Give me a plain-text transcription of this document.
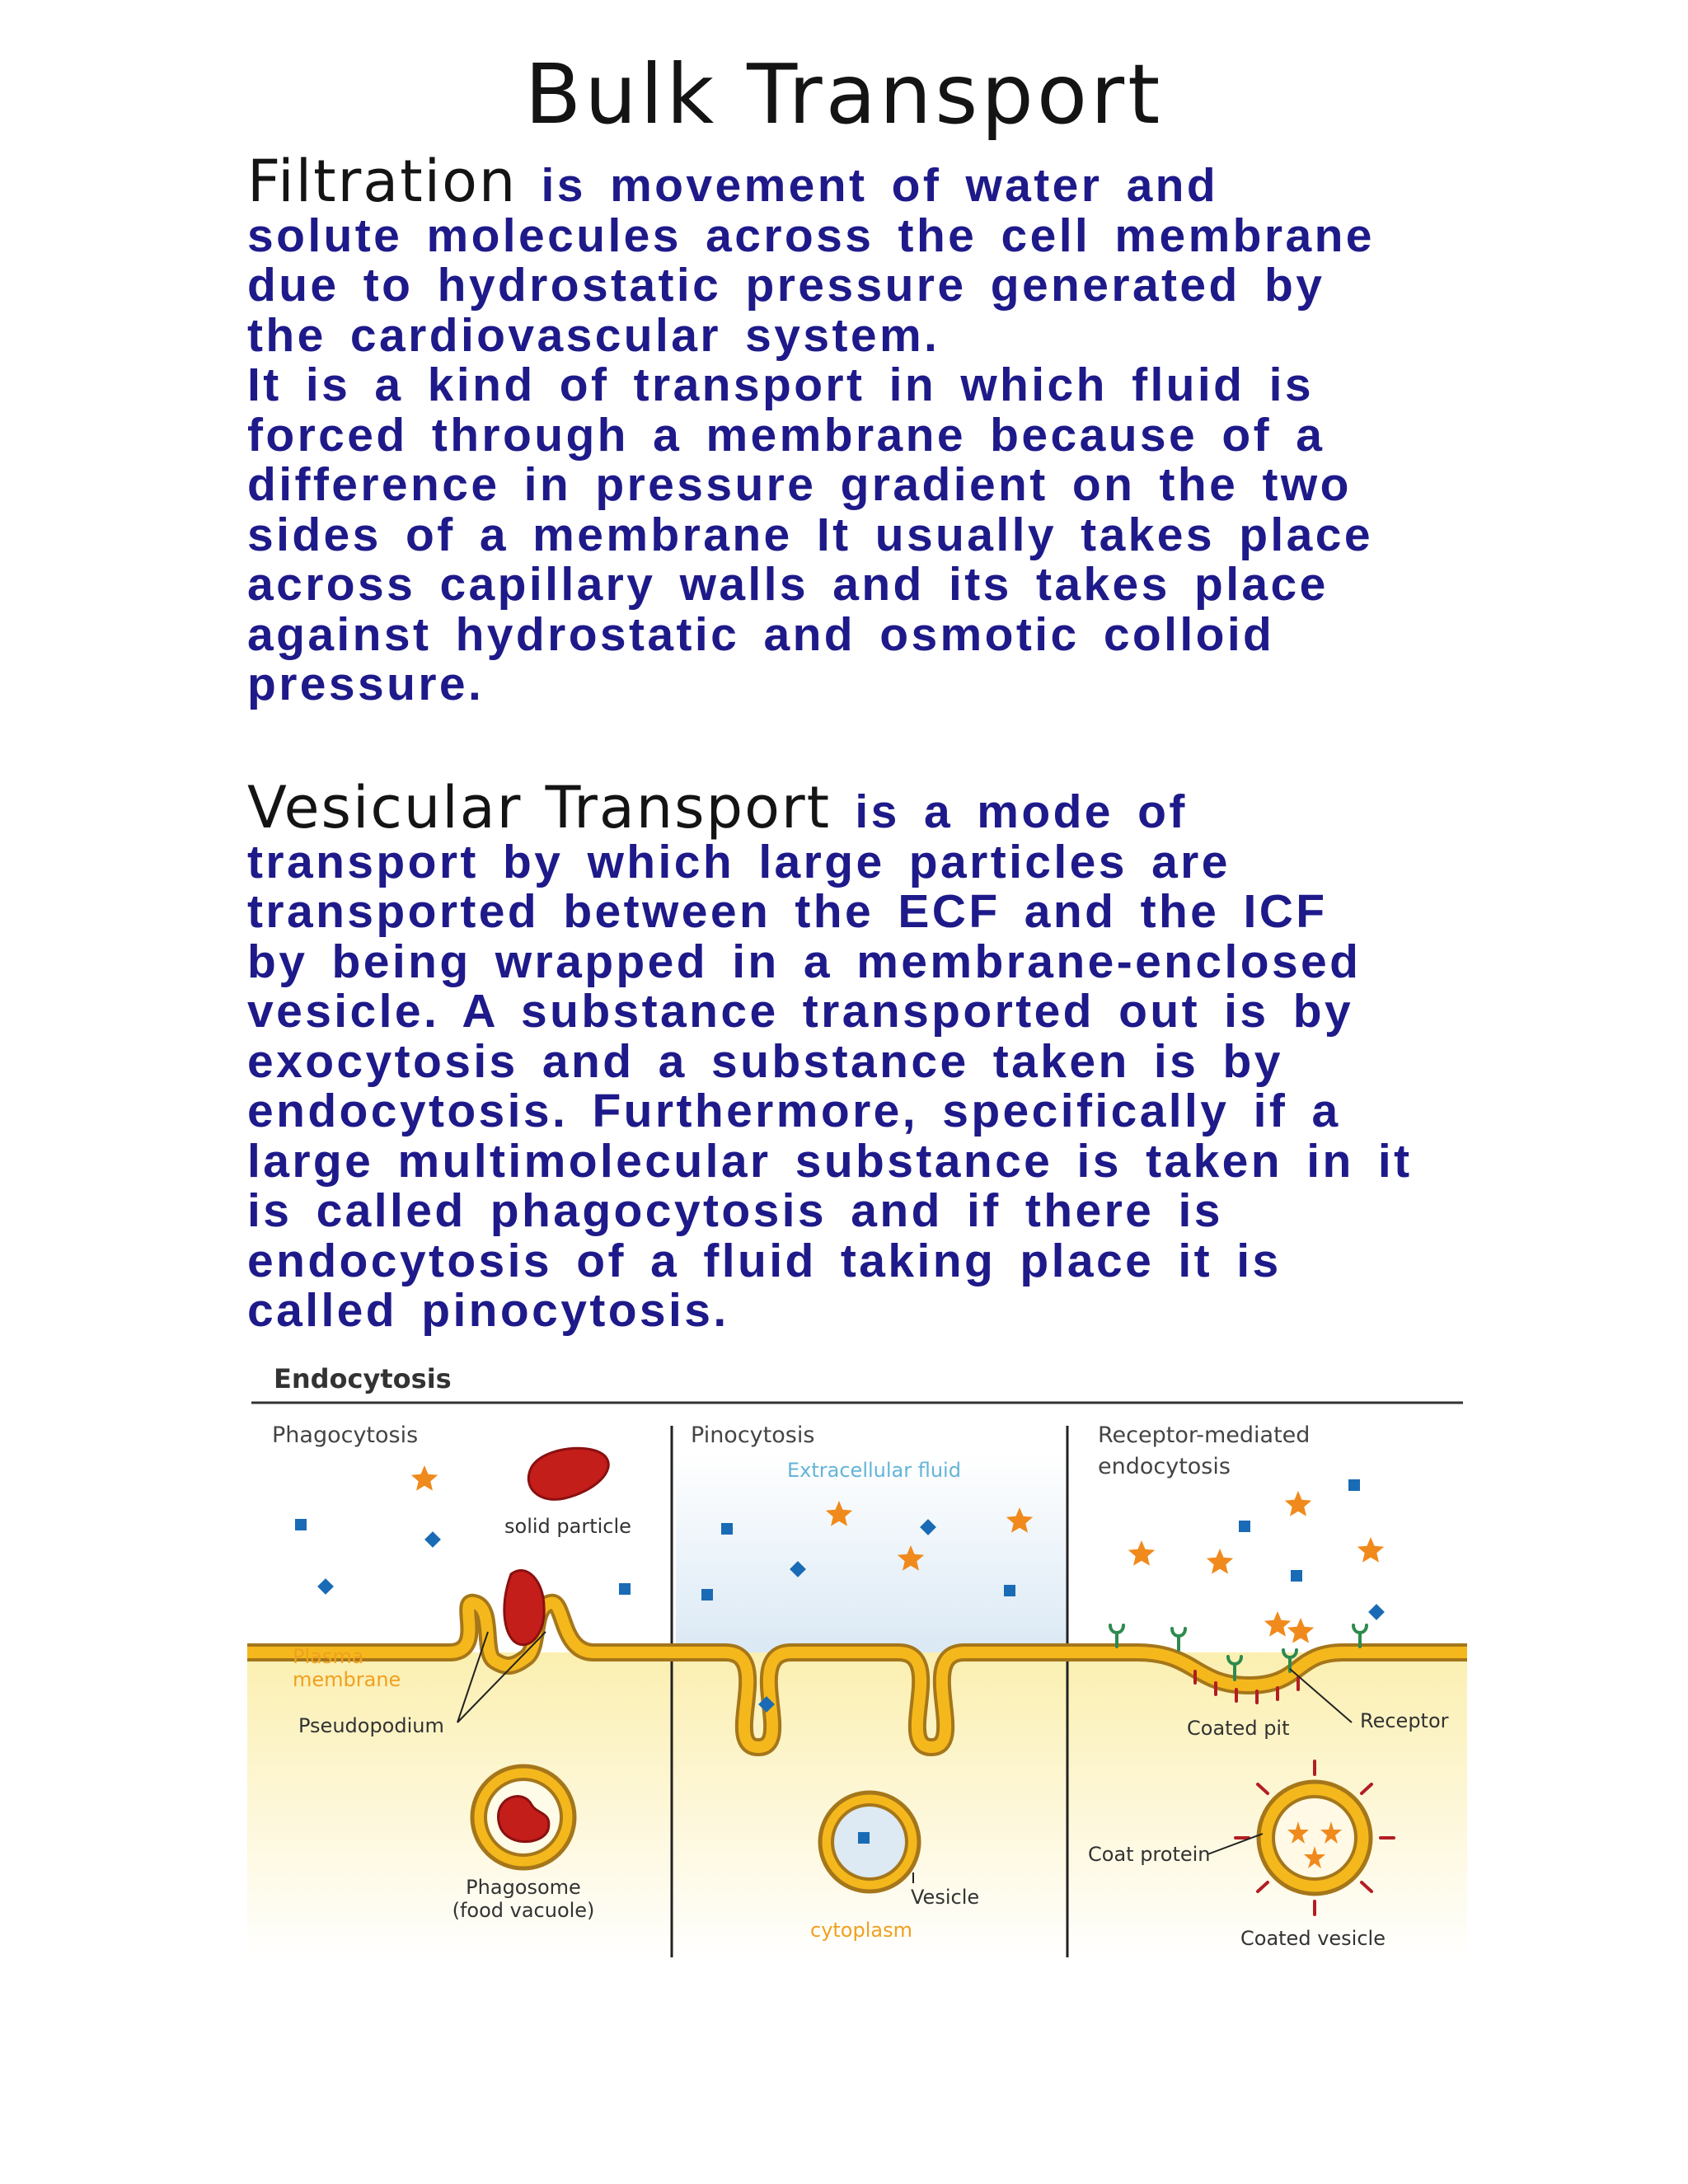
Bulk Transport

Filtration is movement of water and
solute molecules across the cell membrane
due to hydrostatic pressure generated by
the cardiovascular system.
It is a kind of transport in which fluid is
forced through a membrane because of a
difference in pressure gradient on the two
sides of a membrane It usually takes place
across capillary walls and its takes place
against hydrostatic and osmotic colloid
pressure.

Vesicular Transport is a mode of
transport by which large particles are
transported between the ECF and the ICF
by being wrapped in a membrane-enclosed
vesicle. A substance transported out is by
exocytosis and a substance taken is by
endocytosis. Furthermore, specifically if a
large multimolecular substance is taken in it
is called phagocytosis and if there is
endocytosis of a fluid taking place it is
called pinocytosis.

Endocytosis
Phagocytosis
solid particle
Plasma
membrane
Pseudopodium
Phagosome
(food vacuole)
Pinocytosis
Extracellular fluid
Vesicle
cytoplasm
Receptor-mediated
endocytosis
Coated pit	Receptor
Coat protein
Coated vesicle
